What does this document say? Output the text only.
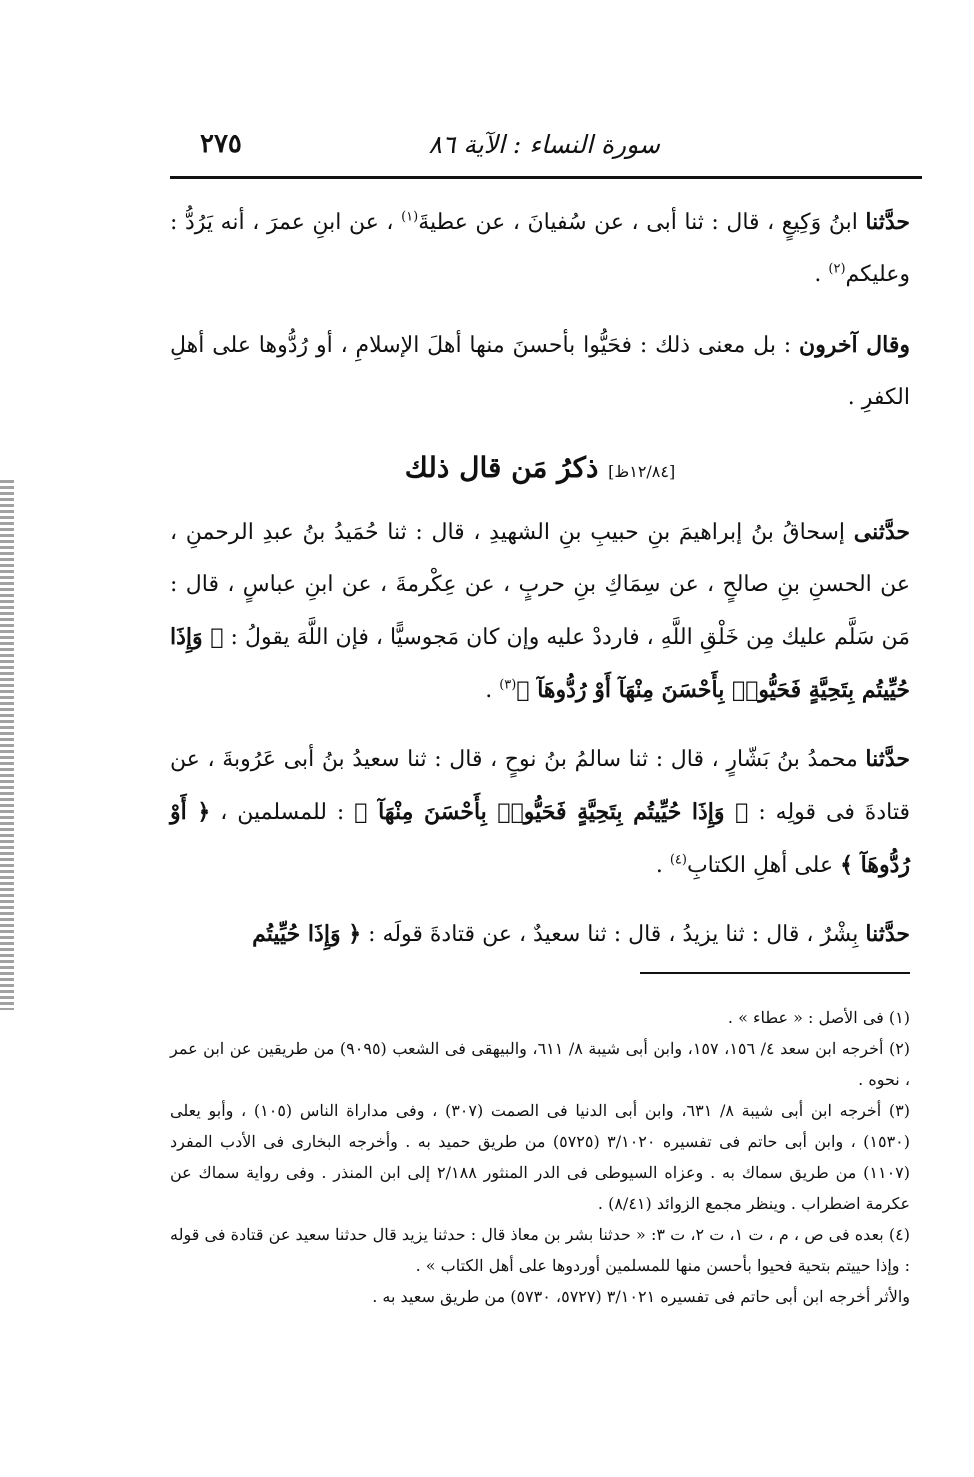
سورة النساء : الآية ٨٦
٢٧٥

حدَّثنا ابنُ وَكِيعٍ ، قال : ثنا أبى ، عن سُفيانَ ، عن عطيةَ$^{(١)}$ ، عن ابنِ عمرَ ، أنه يَرُدُّ : وعليكم$^{(٢)}$ .

وقال آخرون : بل معنى ذلك : فحَيُّوا بأحسنَ منها أهلَ الإسلامِ ، أو رُدُّوها على أهلِ الكفرِ .

[١٢/٨٤ظ] ذكرُ مَن قال ذلك

حدَّثنى إسحاقُ بنُ إبراهيمَ بنِ حبيبِ بنِ الشهيدِ ، قال : ثنا حُمَيدُ بنُ عبدِ الرحمنِ ، عن الحسنِ بنِ صالحٍ ، عن سِمَاكِ بنِ حربٍ ، عن عِكْرمةَ ، عن ابنِ عباسٍ ، قال : مَن سَلَّم عليك مِن خَلْقِ اللَّهِ ، فارددْ عليه وإن كان مَجوسيًّا ، فإن اللَّهَ يقولُ : ﴿ وَإِذَا حُيِّيتُم بِتَحِيَّةٍ فَحَيُّوا۟ بِأَحْسَنَ مِنْهَآ أَوْ رُدُّوهَآ ﴾$^{(٣)}$ .

حدَّثنا محمدُ بنُ بَشّارٍ ، قال : ثنا سالمُ بنُ نوحٍ ، قال : ثنا سعيدُ بنُ أبى عَرُوبةَ ، عن قتادةَ فى قولِه : ﴿ وَإِذَا حُيِّيتُم بِتَحِيَّةٍ فَحَيُّوا۟ بِأَحْسَنَ مِنْهَآ ﴾ : للمسلمين ، ﴿ أَوْ رُدُّوهَآ ﴾ على أهلِ الكتابِ$^{(٤)}$ .

حدَّثنا بِشْرٌ ، قال : ثنا يزيدُ ، قال : ثنا سعيدٌ ، عن قتادةَ قولَه : ﴿ وَإِذَا حُيِّيتُم

(١) فى الأصل : « عطاء » .

(٢) أخرجه ابن سعد ٤/ ١٥٦، ١٥٧، وابن أبى شيبة ٨/ ٦١١، والبيهقى فى الشعب (٩٠٩٥) من طريقين عن ابن عمر ، نحوه .

(٣) أخرجه ابن أبى شيبة ٨/ ٦٣١، وابن أبى الدنيا فى الصمت (٣٠٧) ، وفى مداراة الناس (١٠٥) ، وأبو يعلى (١٥٣٠) ، وابن أبى حاتم فى تفسيره ٣/١٠٢٠ (٥٧٢٥) من طريق حميد به . وأخرجه البخارى فى الأدب المفرد (١١٠٧) من طريق سماك به . وعزاه السيوطى فى الدر المنثور ٢/١٨٨ إلى ابن المنذر . وفى رواية سماك عن عكرمة اضطراب . وينظر مجمع الزوائد (٨/٤١) .

(٤) بعده فى ص ، م ، ت ١، ت ٢، ت ٣: « حدثنا بشر بن معاذ قال : حدثنا يزيد قال حدثنا سعيد عن قتادة فى قوله : وإذا حييتم بتحية فحيوا بأحسن منها للمسلمين أوردوها على أهل الكتاب » .

والأثر أخرجه ابن أبى حاتم فى تفسيره ٣/١٠٢١ (٥٧٢٧، ٥٧٣٠) من طريق سعيد به .
